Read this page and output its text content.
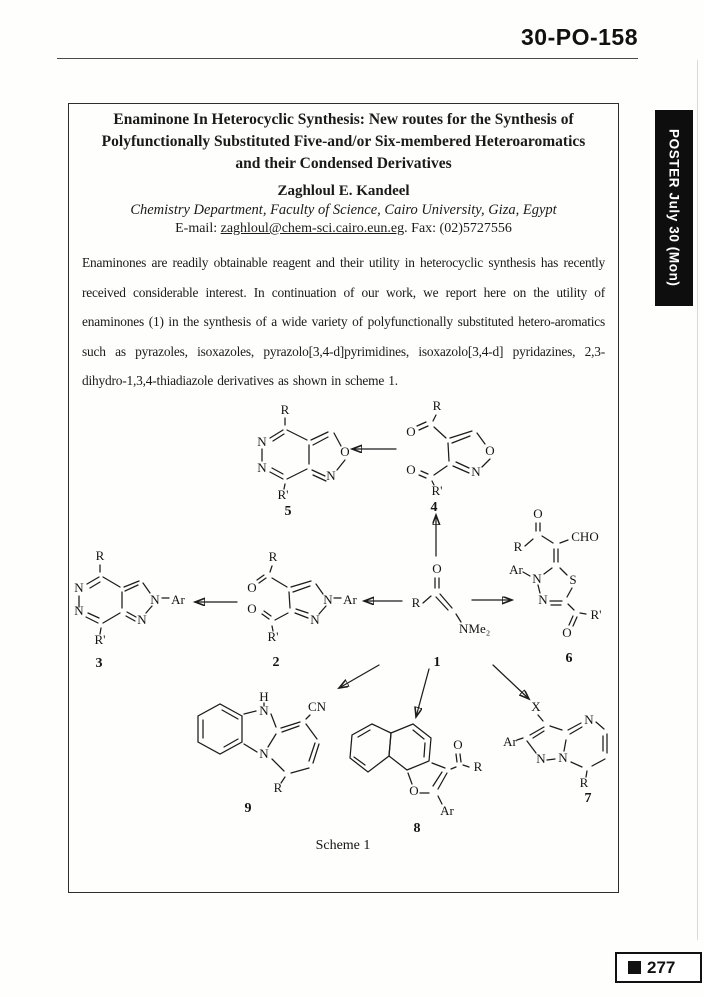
30-PO-158
POSTER July 30 (Mon)
Enaminone In Heterocyclic Synthesis: New routes for the Synthesis of
Polyfunctionally Substituted Five-and/or Six-membered Heteroaromatics
and their Condensed Derivatives
Zaghloul E. Kandeel
Chemistry Department, Faculty of Science, Cairo University, Giza, Egypt
E-mail: zaghloul@chem-sci.cairo.eun.eg. Fax: (02)5727556
Enaminones are readily obtainable reagent and their utility in heterocyclic synthesis has recently received considerable interest. In continuation of our work, we report here on the utility of enaminones (1) in the synthesis of a wide variety of polyfunctionally substituted hetero-aromatics such as pyrazoles, isoxazoles, pyrazolo[3,4-d]pyrimidines, isoxazolo[3,4-d] pyridazines, 2,3-dihydro-1,3,4-thiadiazole derivatives as shown in scheme 1.
R
N
N
O
N
R'
5
R
O
O
N
O
R'
4
O
R
NMe₂
1
R
O
O
N Ar
N
R'
2
R
N
N
N Ar
N
R'
3
O
R
CHO
Ar
N S
N
R'
O
6
H
N
N
CN
R
9
O
Ar
O
R
8
X
Ar
N N
N
R
7
Scheme 1
277
